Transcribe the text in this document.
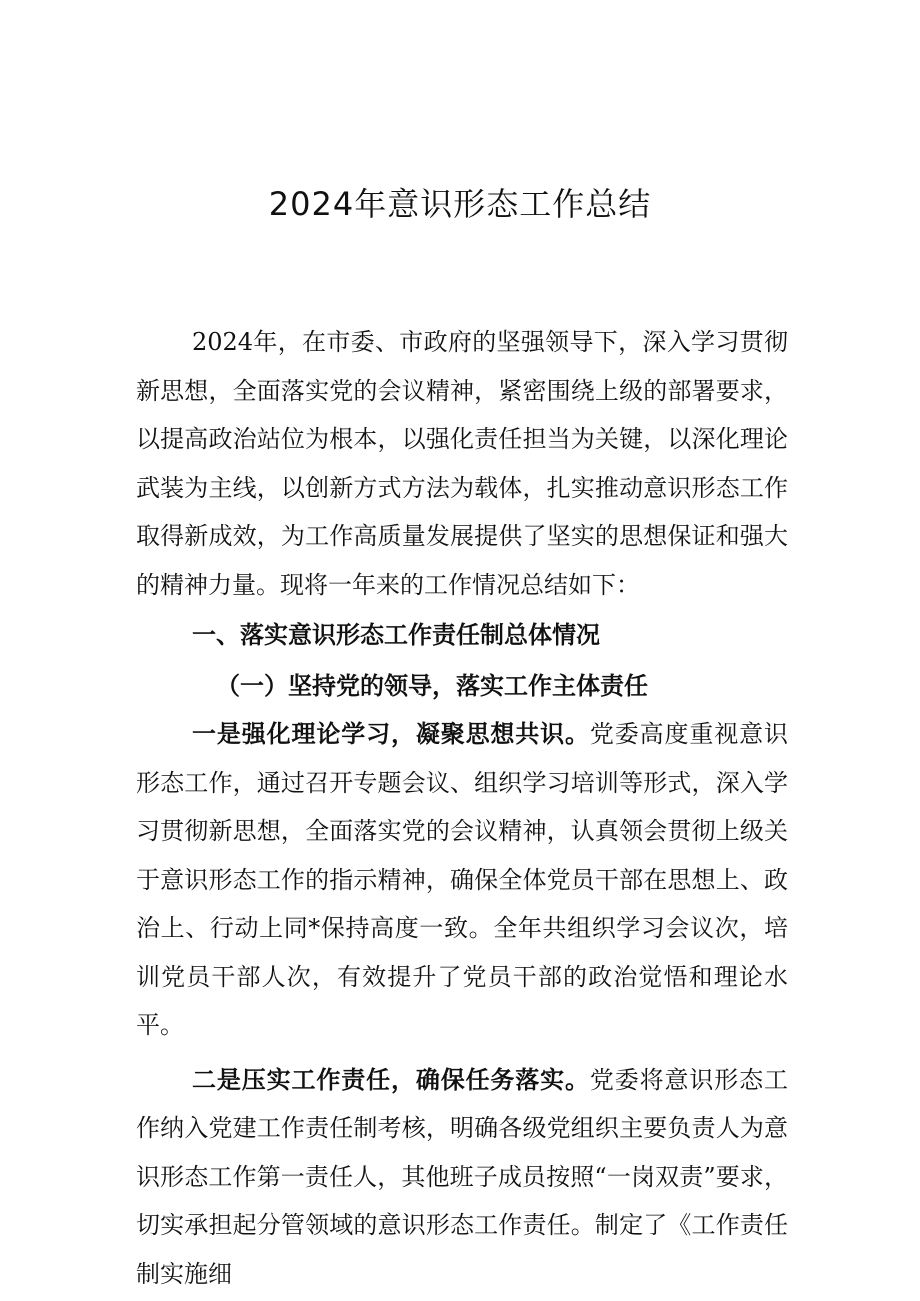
2024年意识形态工作总结

2024年，在市委、市政府的坚强领导下，深入学习贯彻新思想，全面落实党的会议精神，紧密围绕上级的部署要求，以提高政治站位为根本，以强化责任担当为关键，以深化理论武装为主线，以创新方式方法为载体，扎实推动意识形态工作取得新成效，为工作高质量发展提供了坚实的思想保证和强大的精神力量。现将一年来的工作情况总结如下：

一、落实意识形态工作责任制总体情况

（一）坚持党的领导，落实工作主体责任

一是强化理论学习，凝聚思想共识。党委高度重视意识形态工作，通过召开专题会议、组织学习培训等形式，深入学习贯彻新思想，全面落实党的会议精神，认真领会贯彻上级关于意识形态工作的指示精神，确保全体党员干部在思想上、政治上、行动上同*保持高度一致。全年共组织学习会议次，培训党员干部人次，有效提升了党员干部的政治觉悟和理论水平。

二是压实工作责任，确保任务落实。党委将意识形态工作纳入党建工作责任制考核，明确各级党组织主要负责人为意识形态工作第一责任人，其他班子成员按照“一岗双责”要求，切实承担起分管领域的意识形态工作责任。制定了《工作责任制实施细
